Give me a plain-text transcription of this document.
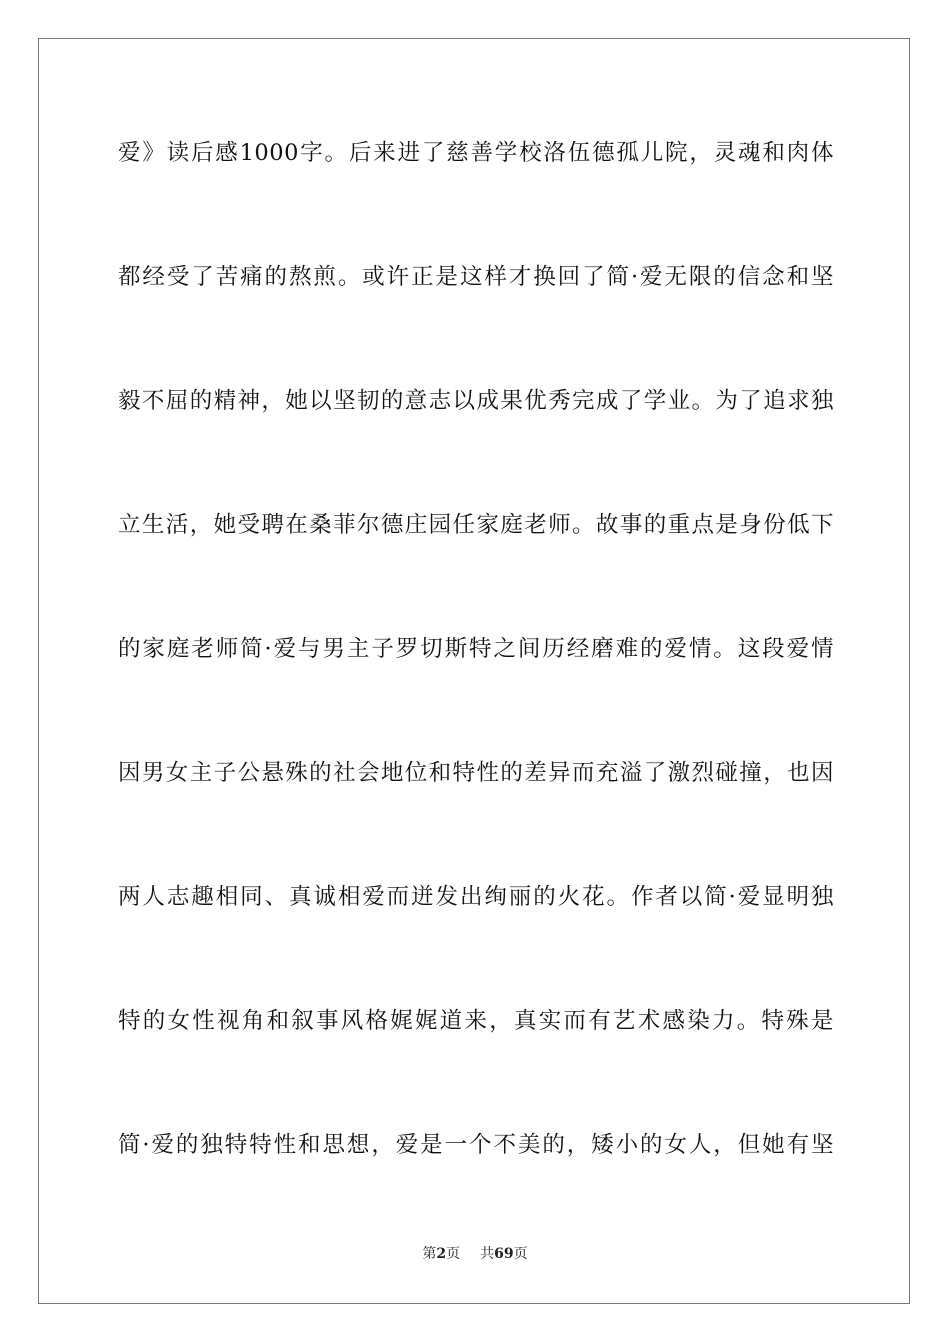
爱》读后感1000字。后来进了慈善学校洛伍德孤儿院，灵魂和肉体
都经受了苦痛的熬煎。或许正是这样才换回了简·爱无限的信念和坚
毅不屈的精神，她以坚韧的意志以成果优秀完成了学业。为了追求独
立生活，她受聘在桑菲尔德庄园任家庭老师。故事的重点是身份低下
的家庭老师简·爱与男主子罗切斯特之间历经磨难的爱情。这段爱情
因男女主子公悬殊的社会地位和特性的差异而充溢了激烈碰撞，也因
两人志趣相同、真诚相爱而迸发出绚丽的火花。作者以简·爱显明独
特的女性视角和叙事风格娓娓道来，真实而有艺术感染力。特殊是
简·爱的独特特性和思想，爱是一个不美的，矮小的女人，但她有坚
第2页 共69页
